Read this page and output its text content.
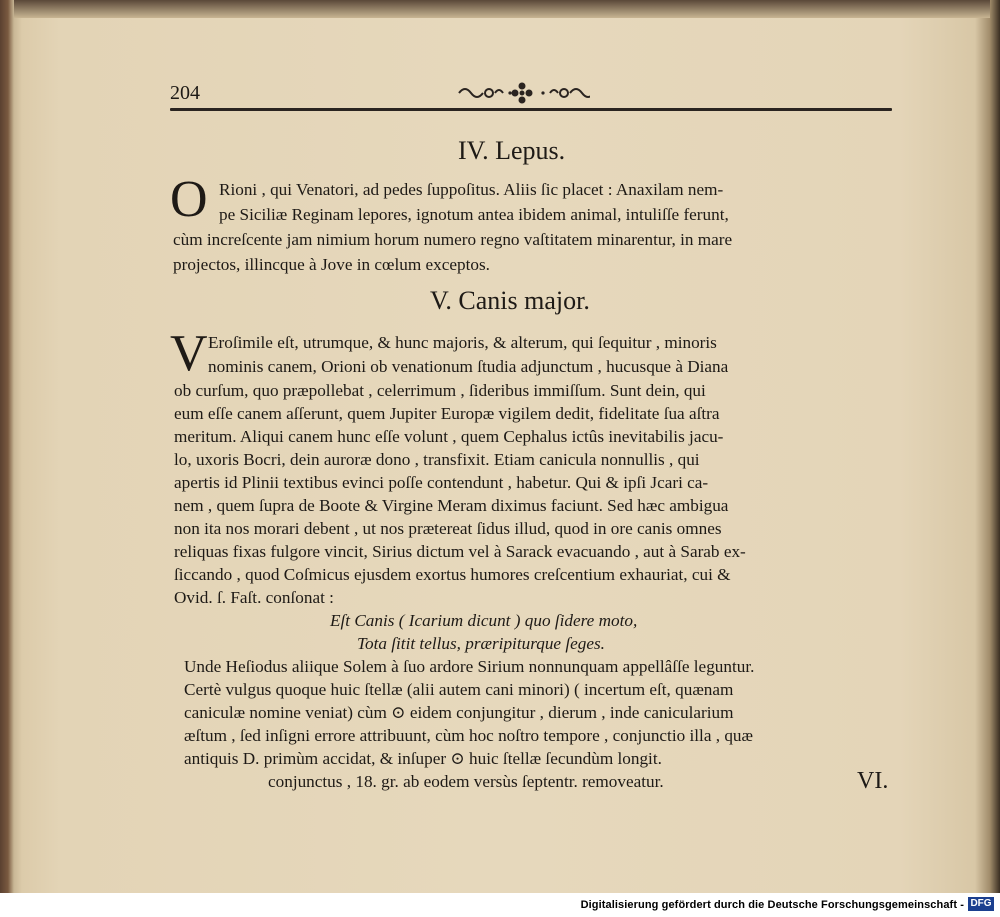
204
IV. Lepus.
O Rioni , qui Venatori, ad pedes ſuppoſitus. Aliis ſic placet : Anaxilam nem-
pe Siciliæ Reginam lepores, ignotum antea ibidem animal, intuliſſe ferunt,
cùm increſcente jam nimium horum numero regno vaſtitatem minarentur, in mare
projectos, illincque à Jove in cœlum exceptos.
V. Canis major.
V Eroſimile eſt, utrumque, & hunc majoris, & alterum, qui ſequitur , minoris
nominis canem, Orioni ob venationum ſtudia adjunctum , hucusque à Diana
ob curſum, quo præpollebat , celerrimum , ſideribus immiſſum. Sunt dein, qui
eum eſſe canem aſſerunt, quem Jupiter Europæ vigilem dedit, fidelitate ſua aſtra
meritum. Aliqui canem hunc eſſe volunt , quem Cephalus ictûs inevitabilis jacu-
lo, uxoris Bocri, dein auroræ dono , transfixit. Etiam canicula nonnullis , qui
apertis id Plinii textibus evinci poſſe contendunt , habetur. Qui & ipſi Jcari ca-
nem , quem ſupra de Boote & Virgine Meram diximus faciunt. Sed hæc ambigua
non ita nos morari debent , ut nos prætereat ſidus illud, quod in ore canis omnes
reliquas fixas fulgore vincit, Sirius dictum vel à Sarack evacuando , aut à Sarab ex-
ſiccando , quod Coſmicus ejusdem exortus humores creſcentium exhauriat, cui &
Ovid. ſ. Faſt. conſonat :
Eſt Canis ( Icarium dicunt ) quo ſidere moto,
Tota ſitit tellus, præripiturque ſeges.
Unde Heſiodus aliique Solem à ſuo ardore Sirium nonnunquam appellâſſe leguntur.
Certè vulgus quoque huic ſtellæ (alii autem cani minori) ( incertum eſt, quænam
caniculæ nomine veniat) cùm ⊙ eidem conjungitur , dierum , inde canicularium
æſtum , ſed inſigni errore attribuunt, cùm hoc noſtro tempore , conjunctio illa , quæ
antiquis D. primùm accidat, & inſuper ⊙ huic ſtellæ ſecundùm longit.
conjunctus , 18. gr. ab eodem versùs ſeptentr. removeatur.	VI.
Digitalisierung gefördert durch die Deutsche Forschungsgemeinschaft - DFG
